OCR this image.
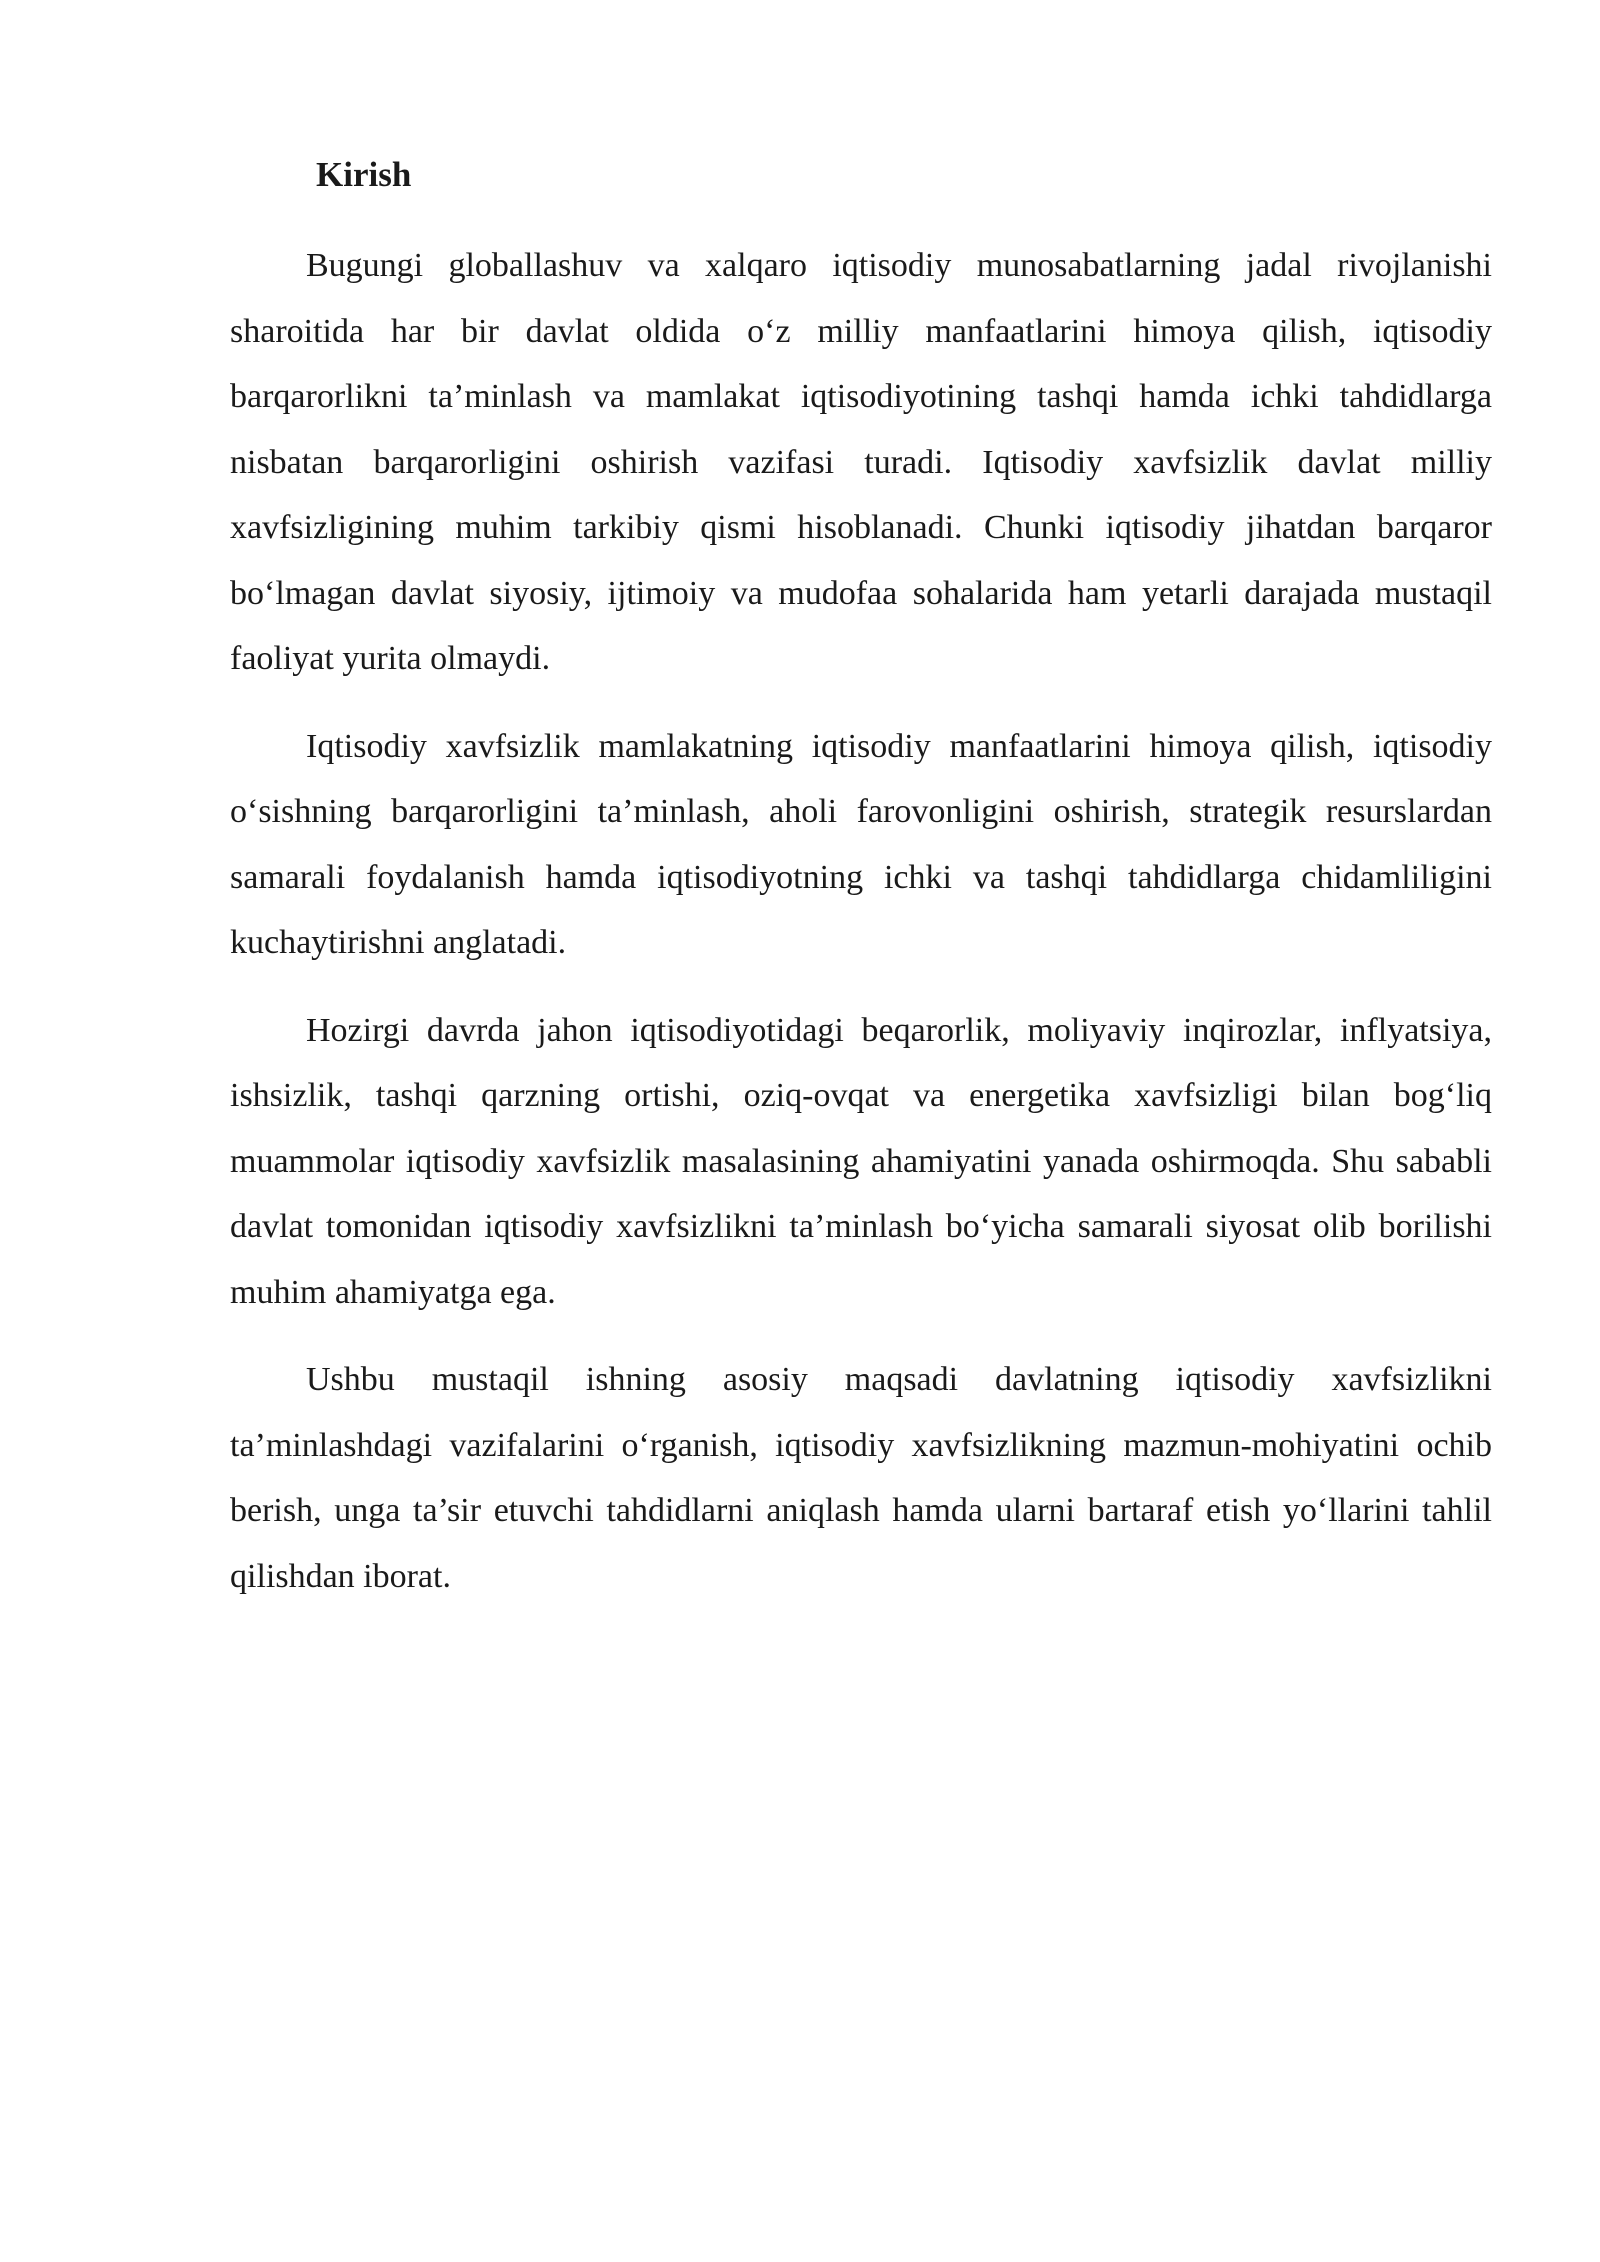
Kirish

Bugungi globallashuv va xalqaro iqtisodiy munosabatlarning jadal rivojlanishi sharoitida har bir davlat oldida o‘z milliy manfaatlarini himoya qilish, iqtisodiy barqarorlikni ta’minlash va mamlakat iqtisodiyotining tashqi hamda ichki tahdidlarga nisbatan barqarorligini oshirish vazifasi turadi. Iqtisodiy xavfsizlik davlat milliy xavfsizligining muhim tarkibiy qismi hisoblanadi. Chunki iqtisodiy jihatdan barqaror bo‘lmagan davlat siyosiy, ijtimoiy va mudofaa sohalarida ham yetarli darajada mustaqil faoliyat yurita olmaydi.

Iqtisodiy xavfsizlik mamlakatning iqtisodiy manfaatlarini himoya qilish, iqtisodiy o‘sishning barqarorligini ta’minlash, aholi farovonligini oshirish, strategik resurslardan samarali foydalanish hamda iqtisodiyotning ichki va tashqi tahdidlarga chidamliligini kuchaytirishni anglatadi.

Hozirgi davrda jahon iqtisodiyotidagi beqarorlik, moliyaviy inqirozlar, inflyatsiya, ishsizlik, tashqi qarzning ortishi, oziq-ovqat va energetika xavfsizligi bilan bog‘liq muammolar iqtisodiy xavfsizlik masalasining ahamiyatini yanada oshirmoqda. Shu sababli davlat tomonidan iqtisodiy xavfsizlikni ta’minlash bo‘yicha samarali siyosat olib borilishi muhim ahamiyatga ega.

Ushbu mustaqil ishning asosiy maqsadi davlatning iqtisodiy xavfsizlikni ta’minlashdagi vazifalarini o‘rganish, iqtisodiy xavfsizlikning mazmun-mohiyatini ochib berish, unga ta’sir etuvchi tahdidlarni aniqlash hamda ularni bartaraf etish yo‘llarini tahlil qilishdan iborat.
